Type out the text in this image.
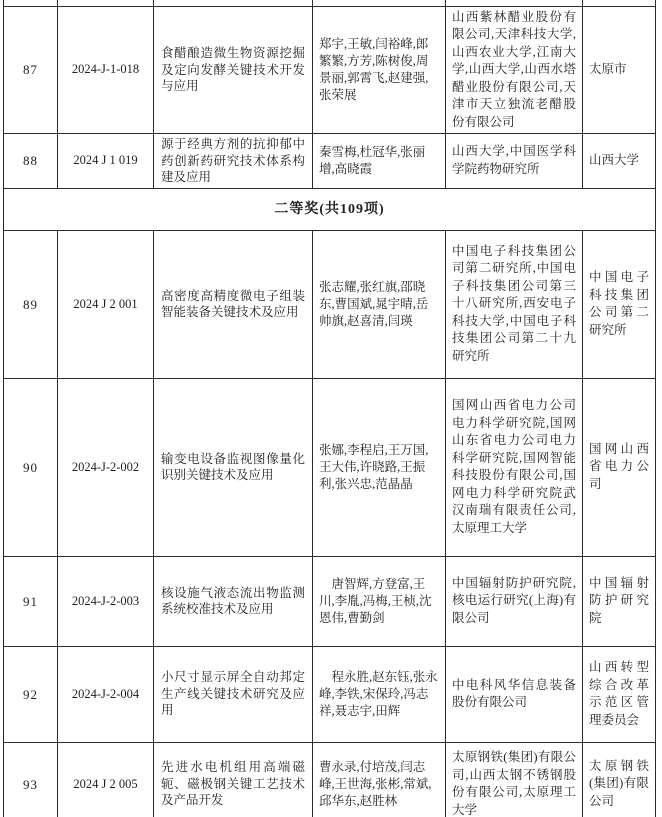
87	2024-J-1-018	食醋酿造微生物资源挖掘及定向发酵关键技术开发与应用	郑宇,王敏,闫裕峰,郎繁繁,方芳,陈树俊,周景丽,郭霄飞,赵建强,张荣展	山西紫林醋业股份有限公司,天津科技大学,山西农业大学,江南大学,山西大学,山西水塔醋业股份有限公司,天津市天立独流老醋股份有限公司	太原市
88	2024 J 1 019	源于经典方剂的抗抑郁中药创新药研究技术体系构建及应用	秦雪梅,杜冠华,张丽增,高晓霞	山西大学,中国医学科学院药物研究所	山西大学
二等奖(共109项)					
89	2024 J 2 001	高密度高精度微电子组装智能装备关键技术及应用	张志耀,张红旗,邵晓东,曹国斌,晁宇晴,岳帅旗,赵喜清,闫瑛	中国电子科技集团公司第二研究所,中国电子科技集团公司第三十八研究所,西安电子科技大学,中国电子科技集团公司第二十九研究所	中国电子科技集团公司第二研究所
90	2024-J-2-002	输变电设备监视图像量化识别关键技术及应用	张娜,李程启,王万国,王大伟,许晓路,王振利,张兴忠,范晶晶	国网山西省电力公司电力科学研究院,国网山东省电力公司电力科学研究院,国网智能科技股份有限公司,国网电力科学研究院武汉南瑞有限责任公司,太原理工大学	国网山西省电力公司
91	2024-J-2-003	核设施气液态流出物监测系统校准技术及应用	　唐智辉,方登富,王川,李胤,冯梅,王桢,沈恩伟,曹勤剑	中国辐射防护研究院,核电运行研究(上海)有限公司	中国辐射防护研究院
92	2024-J-2-004	小尺寸显示屏全自动邦定生产线关键技术研究及应用	　程永胜,赵东钰,张永峰,李铁,宋保玲,冯志祥,聂志宇,田辉	中电科风华信息装备股份有限公司	山西转型综合改革示范区管理委员会
93	2024 J 2 005	先进水电机组用高端磁轭、磁极钢关键工艺技术及产品开发	曹永录,付培茂,闫志峰,王世海,张彬,常斌,邱华东,赵胜林	太原钢铁(集团)有限公司,山西太钢不锈钢股份有限公司,太原理工大学	太原钢铁(集团)有限公司
